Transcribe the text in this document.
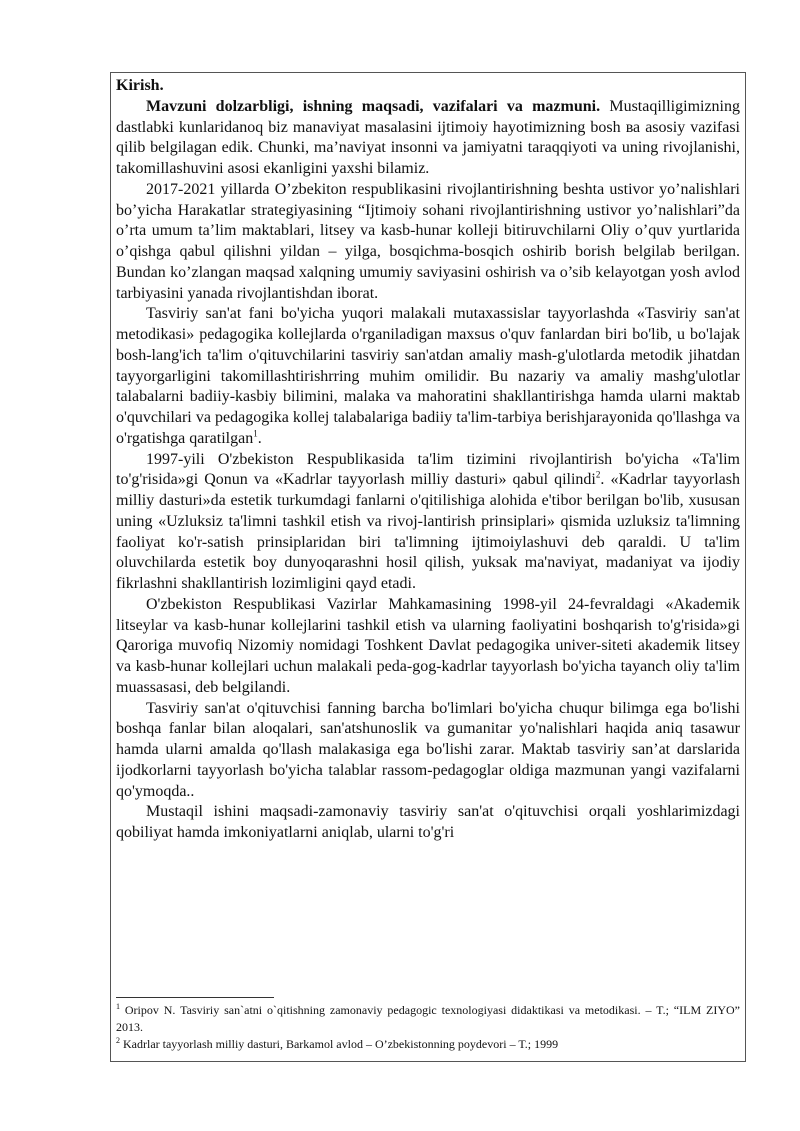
Kirish.

Mavzuni dolzarbligi, ishning maqsadi, vazifalari va mazmuni. Mustaqilligimizning dastlabki kunlaridanoq biz manaviyat masalasini ijtimoiy hayotimizning bosh ва asosiy vazifasi qilib belgilagan edik. Chunki, ma’naviyat insonni va jamiyatni taraqqiyoti va uning rivojlanishi, takomillashuvini asosi ekanligini yaxshi bilamiz.

2017-2021 yillarda O’zbekiton respublikasini rivojlantirishning beshta ustivor yo’nalishlari bo’yicha Harakatlar strategiyasining “Ijtimoiy sohani rivojlantirishning ustivor yo’nalishlari”da o’rta umum ta’lim maktablari, litsey va kasb-hunar kolleji bitiruvchilarni Oliy o’quv yurtlarida o’qishga qabul qilishni yildan – yilga, bosqichma-bosqich oshirib borish belgilab berilgan. Bundan ko’zlangan maqsad xalqning umumiy saviyasini oshirish va o’sib kelayotgan yosh avlod tarbiyasini yanada rivojlantishdan iborat.

Tasviriy san'at fani bo'yicha yuqori malakali mutaxassislar tayyorlashda «Tasviriy san'at metodikasi» pedagogika kollejlarda o'rganiladigan maxsus o'quv fanlardan biri bo'lib, u bo'lajak bosh-lang'ich ta'lim o'qituvchilarini tasviriy san'atdan amaliy mash-g'ulotlarda metodik jihatdan tayyorgarligini takomillashtirishrring muhim omilidir. Bu nazariy va amaliy mashg'ulotlar talabalarni badiiy-kasbiy bilimini, malaka va mahoratini shakllantirishga hamda ularni maktab o'quvchilari va pedagogika kollej talabalariga badiiy ta'lim-tarbiya berishjarayonida qo'llashga va o'rgatishga qaratilgan$^1$.

1997-yili O'zbekiston Respublikasida ta'lim tizimini rivojlantirish bo'yicha «Ta'lim to'g'risida»gi Qonun va «Kadrlar tayyorlash milliy dasturi» qabul qilindi$^2$. «Kadrlar tayyorlash milliy dasturi»da estetik turkumdagi fanlarni o'qitilishiga alohida e'tibor berilgan bo'lib, xususan uning «Uzluksiz ta'limni tashkil etish va rivoj-lantirish prinsiplari» qismida uzluksiz ta'limning faoliyat ko'r-satish prinsiplaridan biri ta'limning ijtimoiylashuvi deb qaraldi. U ta'lim oluvchilarda estetik boy dunyoqarashni hosil qilish, yuksak ma'naviyat, madaniyat va ijodiy fikrlashni shakllantirish lozimligini qayd etadi.

O'zbekiston Respublikasi Vazirlar Mahkamasining 1998-yil 24-fevraldagi «Akademik litseylar va kasb-hunar kollejlarini tashkil etish va ularning faoliyatini boshqarish to'g'risida»gi Qaroriga muvofiq Nizomiy nomidagi Toshkent Davlat pedagogika univer-siteti akademik litsey va kasb-hunar kollejlari uchun malakali peda-gog-kadrlar tayyorlash bo'yicha tayanch oliy ta'lim muassasasi, deb belgilandi.

Tasviriy san'at o'qituvchisi fanning barcha bo'limlari bo'yicha chuqur bilimga ega bo'lishi boshqa fanlar bilan aloqalari, san'atshunoslik va gumanitar yo'nalishlari haqida aniq tasawur hamda ularni amalda qo'llash malakasiga ega bo'lishi zarar. Maktab tasviriy san’at darslarida ijodkorlarni tayyorlash bo'yicha talablar rassom-pedagoglar oldiga mazmunan yangi vazifalarni qo'ymoqda..

Mustaqil ishini maqsadi-zamonaviy tasviriy san'at o'qituvchisi orqali yoshlarimizdagi qobiliyat hamda imkoniyatlarni aniqlab, ularni to'g'ri

$^1$ Oripov N. Tasviriy san`atni o`qitishning zamonaviy pedagogic texnologiyasi didaktikasi va metodikasi. – T.; “ILM ZIYO” 2013.
$^2$ Kadrlar tayyorlash milliy dasturi, Barkamol avlod – O’zbekistonning poydevori – T.; 1999
